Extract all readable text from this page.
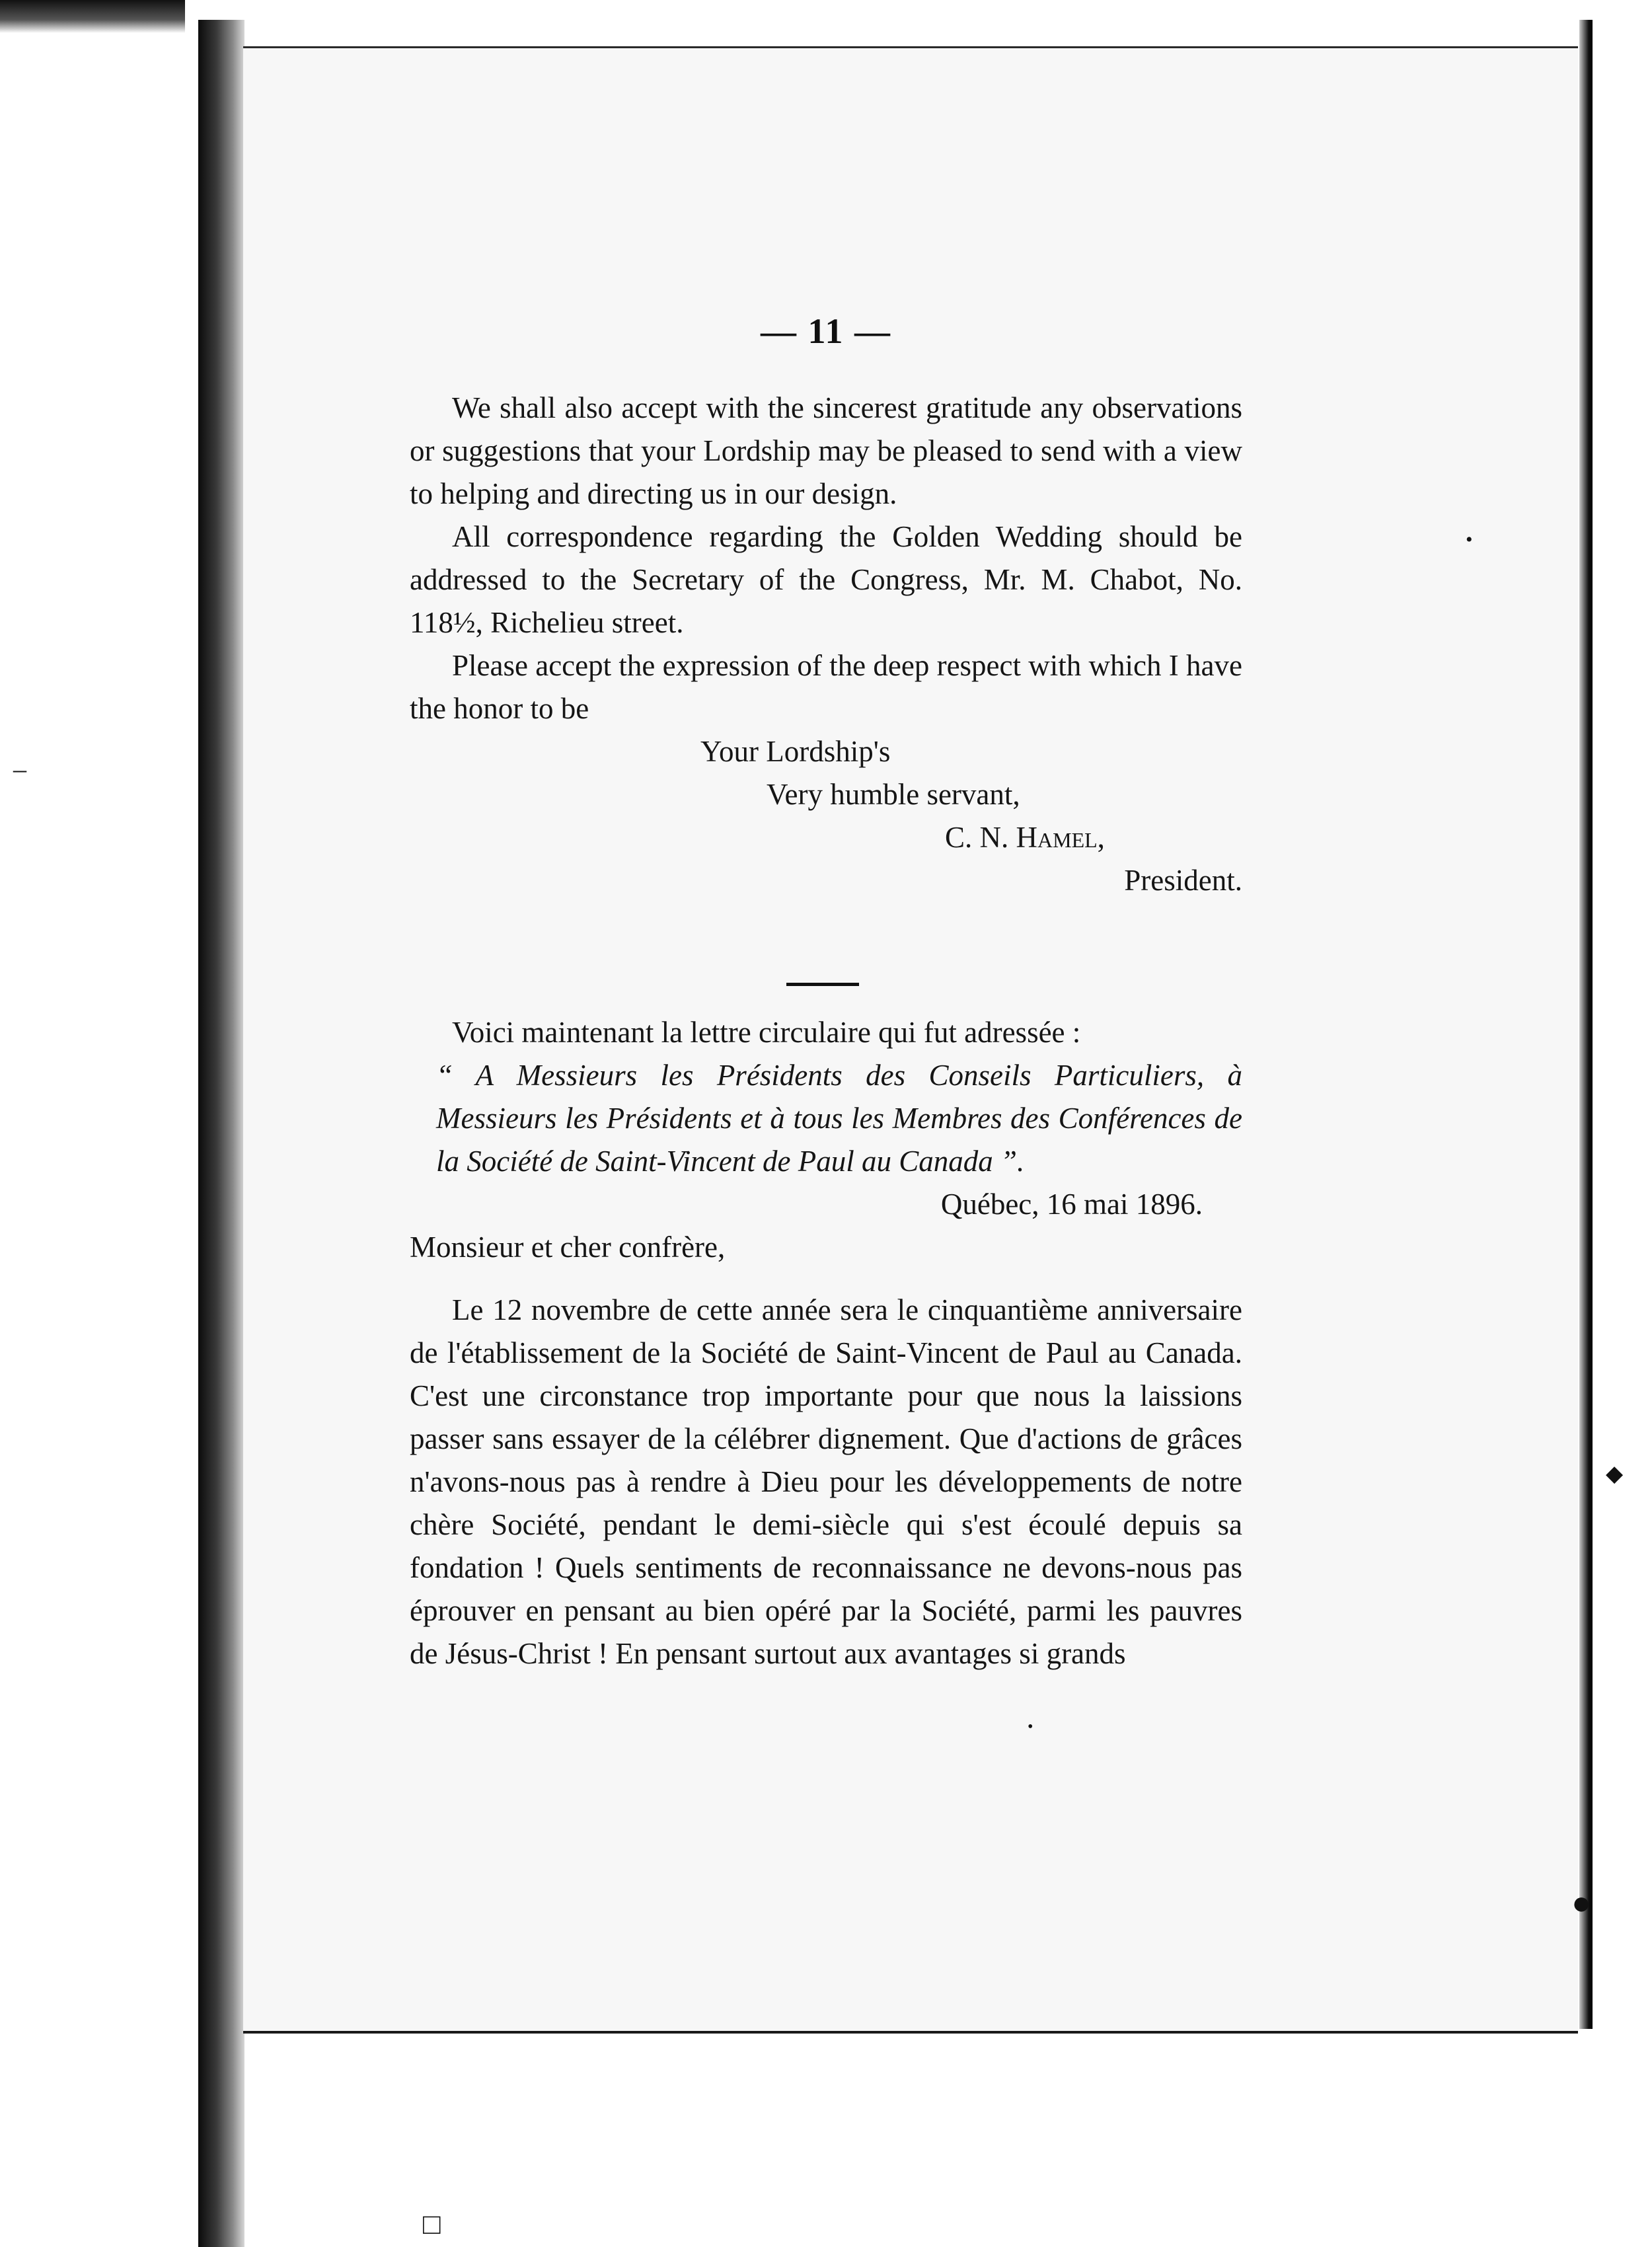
–
•
◆
●
•
□
— 11 —

We shall also accept with the sincerest gratitude any observations or suggestions that your Lordship may be pleased to send with a view to helping and directing us in our design.

All correspondence regarding the Golden Wedding should be addressed to the Secretary of the Congress, Mr. M. Chabot, No. 118½, Richelieu street.

Please accept the expression of the deep respect with which I have the honor to be

Your Lordship's

Very humble servant,

C. N. Hamel,

President.

Voici maintenant la lettre circulaire qui fut adressée :

“ A Messieurs les Présidents des Conseils Particuliers, à Messieurs les Présidents et à tous les Membres des Conférences de la Société de Saint-Vincent de Paul au Canada ”.

Québec, 16 mai 1896.

Monsieur et cher confrère,

Le 12 novembre de cette année sera le cinquantième anniversaire de l'établissement de la Société de Saint-Vincent de Paul au Canada. C'est une circonstance trop importante pour que nous la laissions passer sans essayer de la célébrer dignement. Que d'actions de grâces n'avons-nous pas à rendre à Dieu pour les développements de notre chère Société, pendant le demi-siècle qui s'est écoulé depuis sa fondation ! Quels sentiments de reconnaissance ne devons-nous pas éprouver en pensant au bien opéré par la Société, parmi les pauvres de Jésus-Christ ! En pensant surtout aux avantages si grands
